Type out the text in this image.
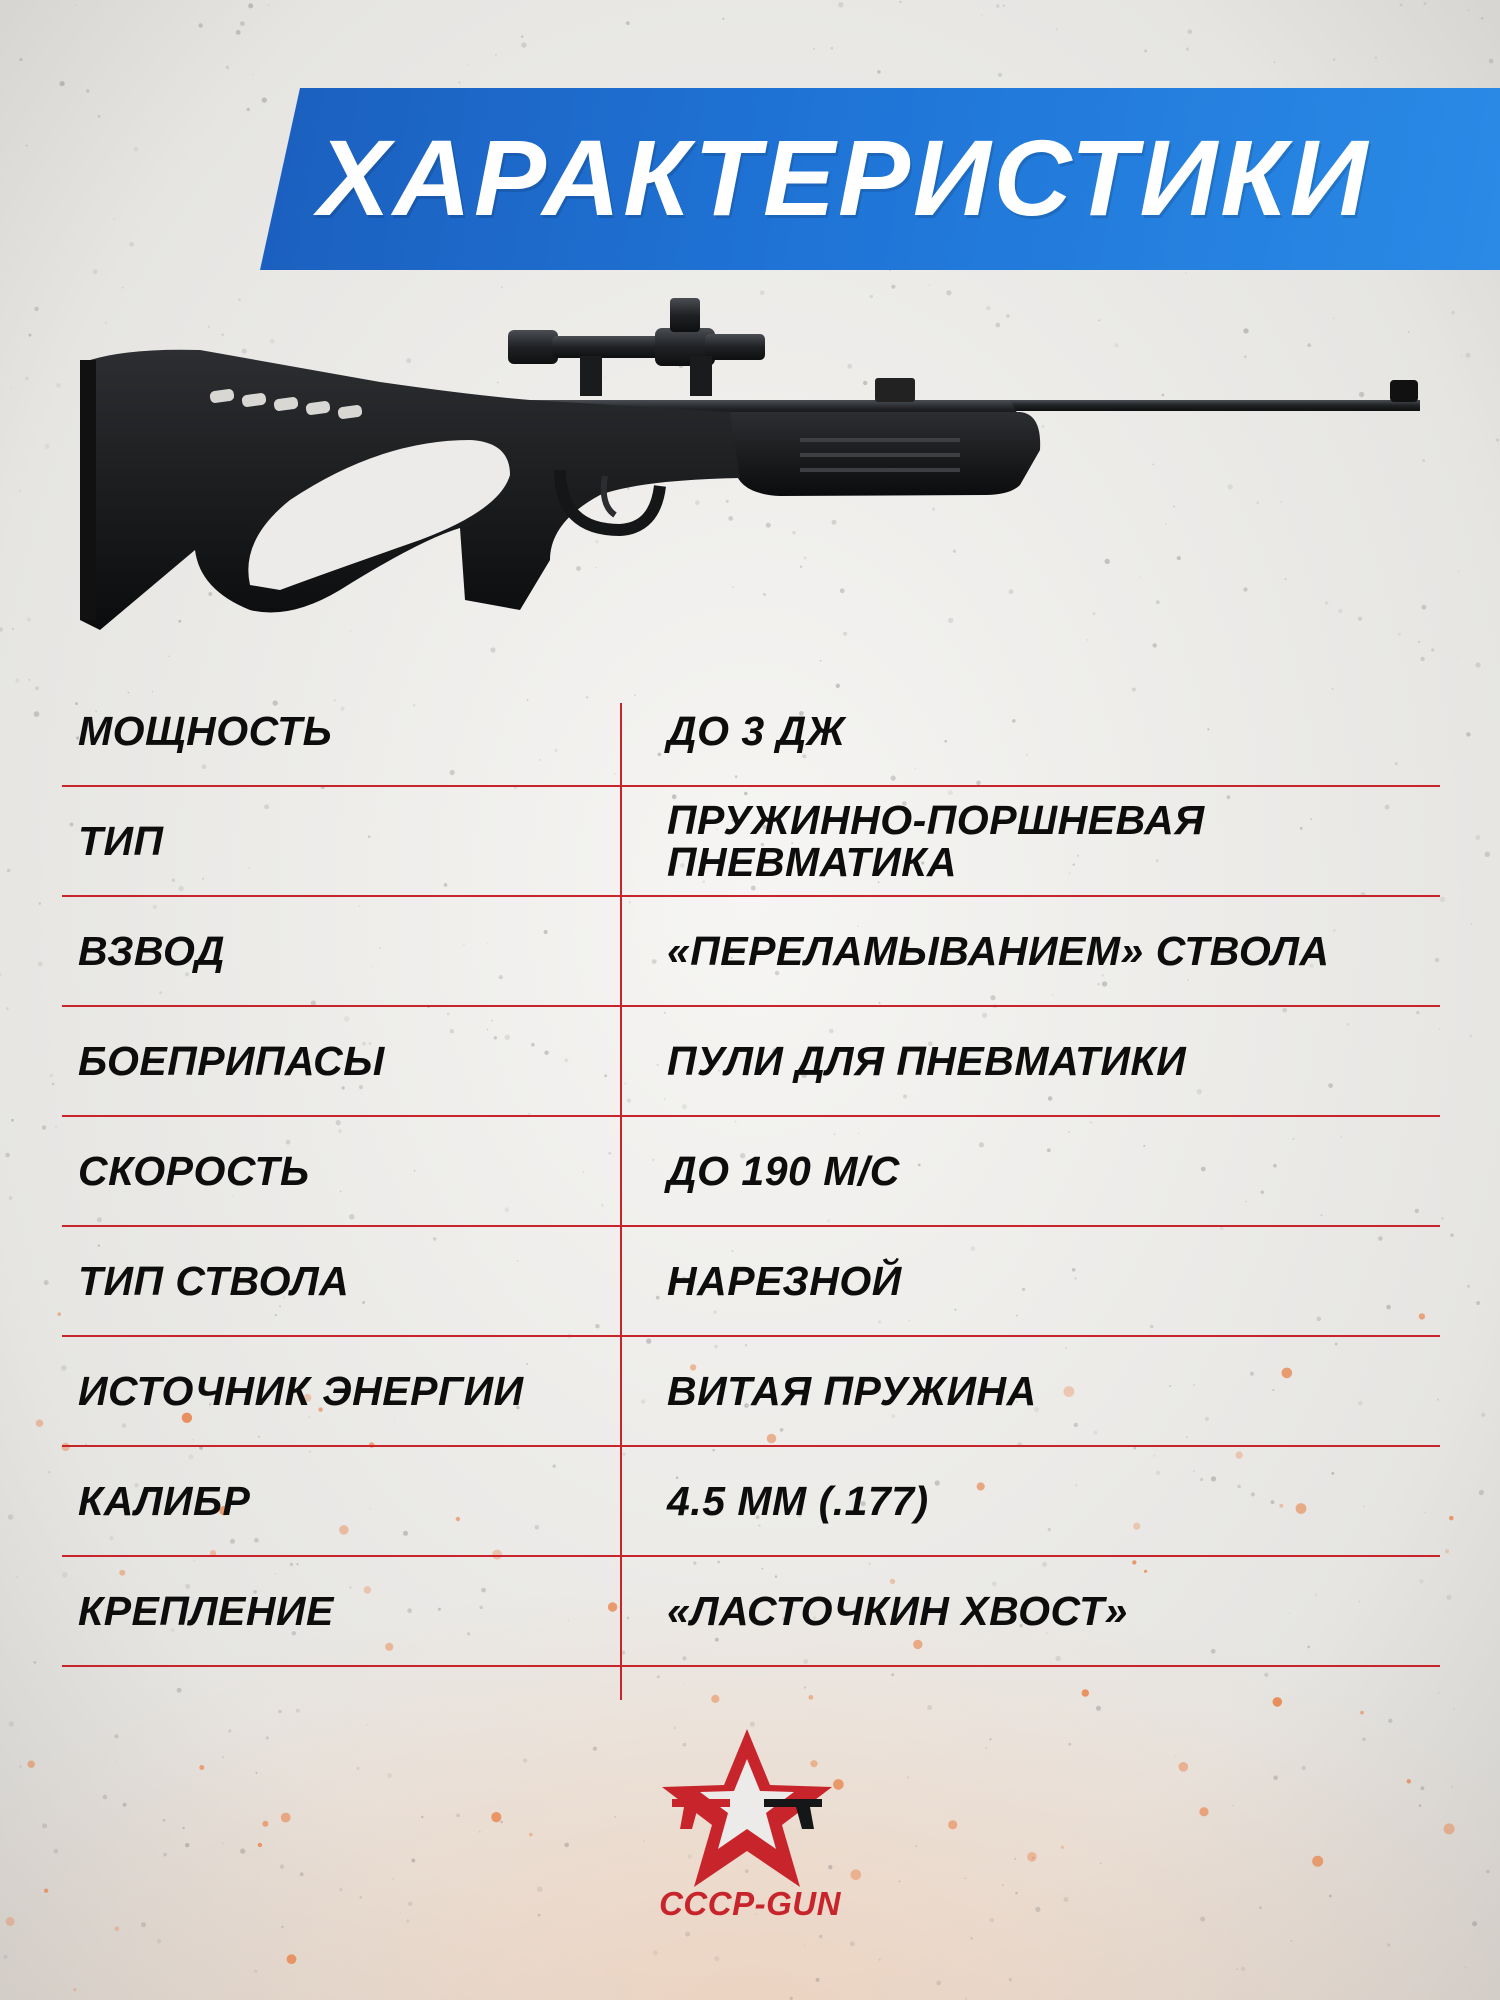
ХАРАКТЕРИСТИКИ
МОЩНОСТЬ	ДО 3 ДЖ
ТИП	ПРУЖИННО-ПОРШНЕВАЯ
ПНЕВМАТИКА
ВЗВОД	«ПЕРЕЛАМЫВАНИЕМ» СТВОЛА
БОЕПРИПАСЫ	ПУЛИ ДЛЯ ПНЕВМАТИКИ
СКОРОСТЬ	ДО 190 М/С
ТИП СТВОЛА	НАРЕЗНОЙ
ИСТОЧНИК ЭНЕРГИИ	ВИТАЯ ПРУЖИНА
КАЛИБР	4.5 ММ (.177)
КРЕПЛЕНИЕ	«ЛАСТОЧКИН ХВОСТ»
СССР-GUN
